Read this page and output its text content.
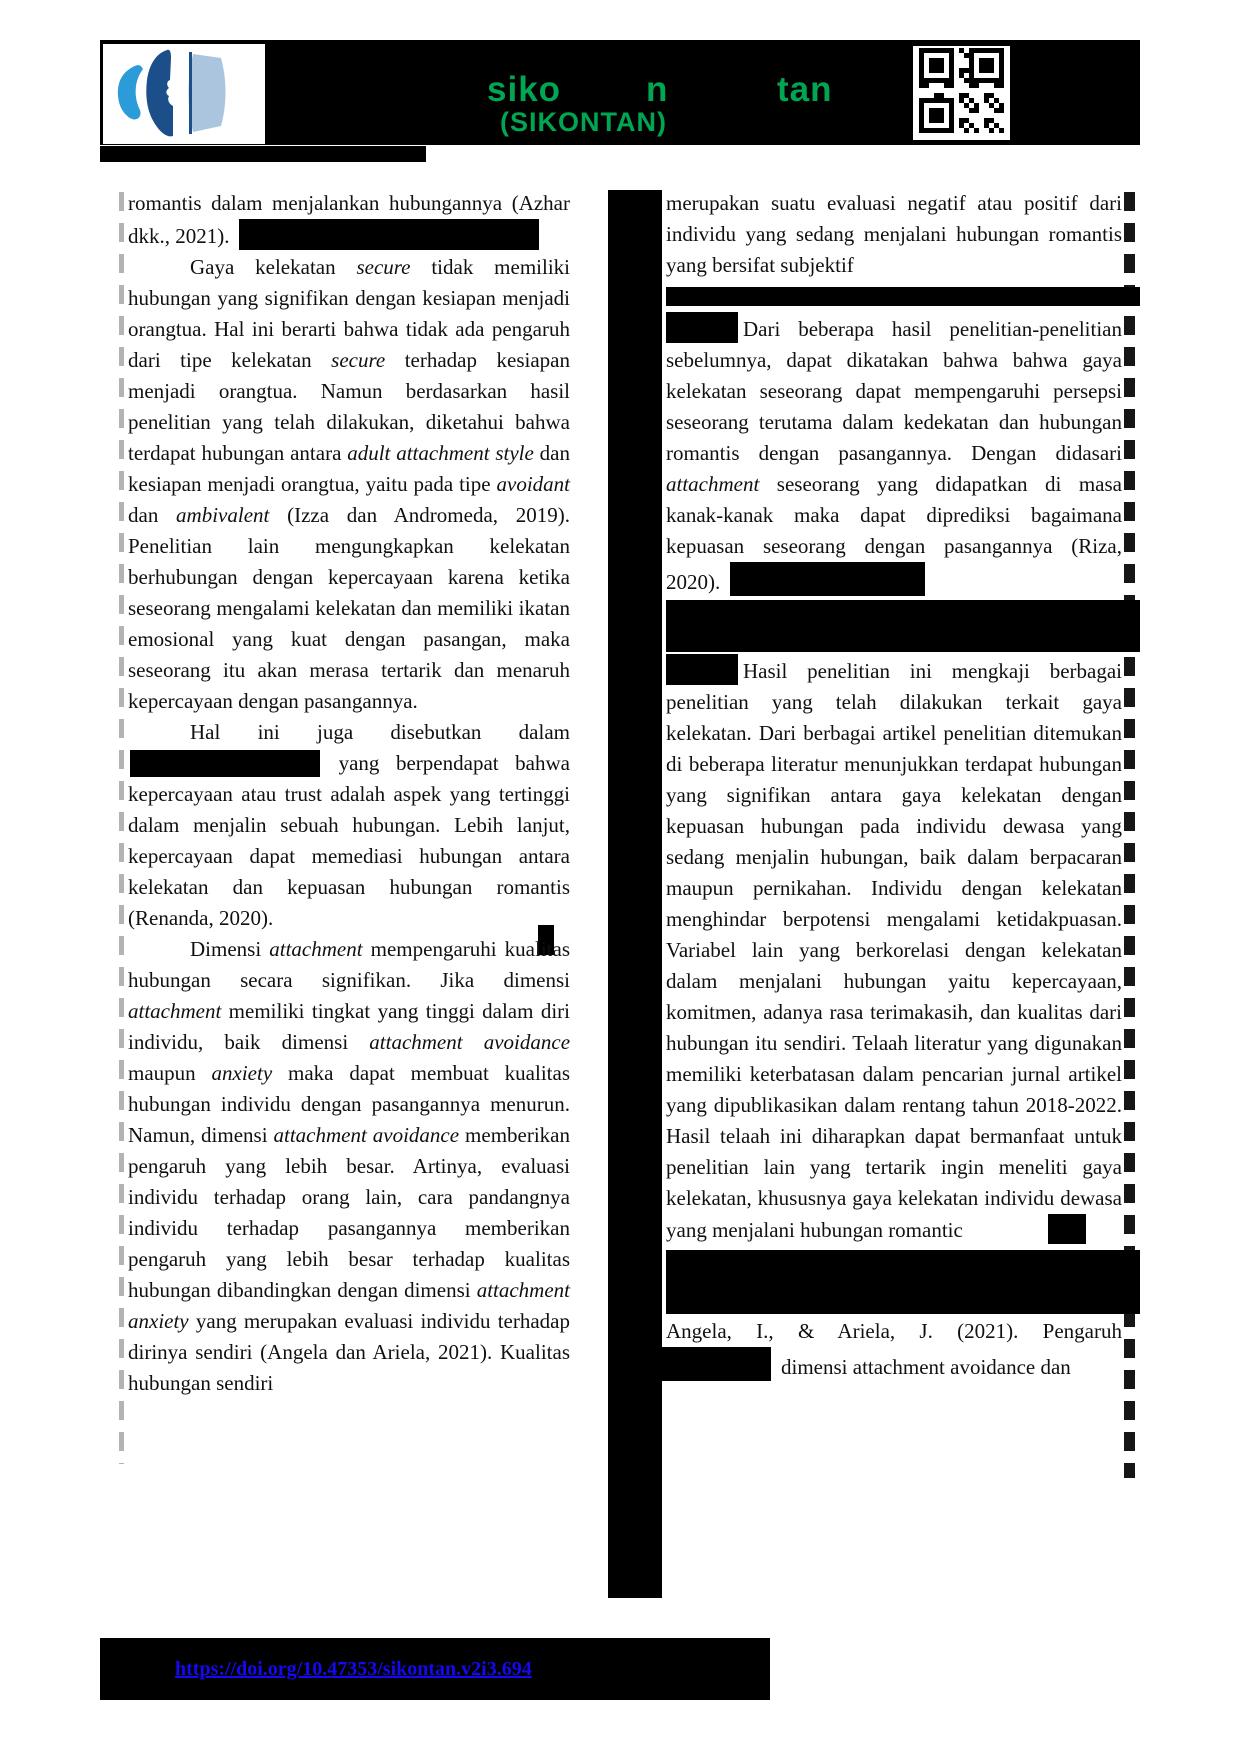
siko n	tan
(SIKONTAN)

romantis dalam menjalankan hubungannya (Azhar dkk., 2021).

Gaya kelekatan secure tidak memiliki hubungan yang signifikan dengan kesiapan menjadi orangtua. Hal ini berarti bahwa tidak ada pengaruh dari tipe kelekatan secure terhadap kesiapan menjadi orangtua. Namun berdasarkan hasil penelitian yang telah dilakukan, diketahui bahwa terdapat hubungan antara adult attachment style dan kesiapan menjadi orangtua, yaitu pada tipe avoidant dan ambivalent (Izza dan Andromeda, 2019). Penelitian lain mengungkapkan kelekatan berhubungan dengan kepercayaan karena ketika seseorang mengalami kelekatan dan memiliki ikatan emosional yang kuat dengan pasangan, maka seseorang itu akan merasa tertarik dan menaruh kepercayaan dengan pasangannya.

Hal ini juga disebutkan dalam  yang berpendapat bahwa kepercayaan atau trust adalah aspek yang tertinggi dalam menjalin sebuah hubungan. Lebih lanjut, kepercayaan dapat memediasi hubungan antara kelekatan dan kepuasan hubungan romantis (Renanda, 2020).

Dimensi attachment mempengaruhi kualitas hubungan secara signifikan. Jika dimensi attachment memiliki tingkat yang tinggi dalam diri individu, baik dimensi attachment avoidance maupun anxiety maka dapat membuat kualitas hubungan individu dengan pasangannya menurun. Namun, dimensi attachment avoidance memberikan pengaruh yang lebih besar. Artinya, evaluasi individu terhadap orang lain, cara pandangnya individu terhadap pasangannya memberikan pengaruh yang lebih besar terhadap kualitas hubungan dibandingkan dengan dimensi attachment anxiety yang merupakan evaluasi individu terhadap dirinya sendiri (Angela dan Ariela, 2021). Kualitas hubungan sendiri

merupakan suatu evaluasi negatif atau positif dari individu yang sedang menjalani hubungan romantis yang bersifat subjektif

Dari beberapa hasil penelitian-penelitian sebelumnya, dapat dikatakan bahwa bahwa gaya kelekatan seseorang dapat mempengaruhi persepsi seseorang terutama dalam kedekatan dan hubungan romantis dengan pasangannya. Dengan didasari attachment seseorang yang didapatkan di masa kanak-kanak maka dapat diprediksi bagaimana kepuasan seseorang dengan pasangannya (Riza, 2020).

Hasil penelitian ini mengkaji berbagai penelitian yang telah dilakukan terkait gaya kelekatan. Dari berbagai artikel penelitian ditemukan di beberapa literatur menunjukkan terdapat hubungan yang signifikan antara gaya kelekatan dengan kepuasan hubungan pada individu dewasa yang sedang menjalin hubungan, baik dalam berpacaran maupun pernikahan. Individu dengan kelekatan menghindar berpotensi mengalami ketidakpuasan. Variabel lain yang berkorelasi dengan kelekatan dalam menjalani hubungan yaitu kepercayaan, komitmen, adanya rasa terimakasih, dan kualitas dari hubungan itu sendiri. Telaah literatur yang digunakan memiliki keterbatasan dalam pencarian jurnal artikel yang dipublikasikan dalam rentang tahun 2018-2022. Hasil telaah ini diharapkan dapat bermanfaat untuk penelitian lain yang tertarik ingin meneliti gaya kelekatan, khususnya gaya kelekatan individu dewasa yang menjalani hubungan romantic

Angela, I., & Ariela, J. (2021). Pengaruh

dimensi attachment avoidance dan

https://doi.org/10.47353/sikontan.v2i3.694
